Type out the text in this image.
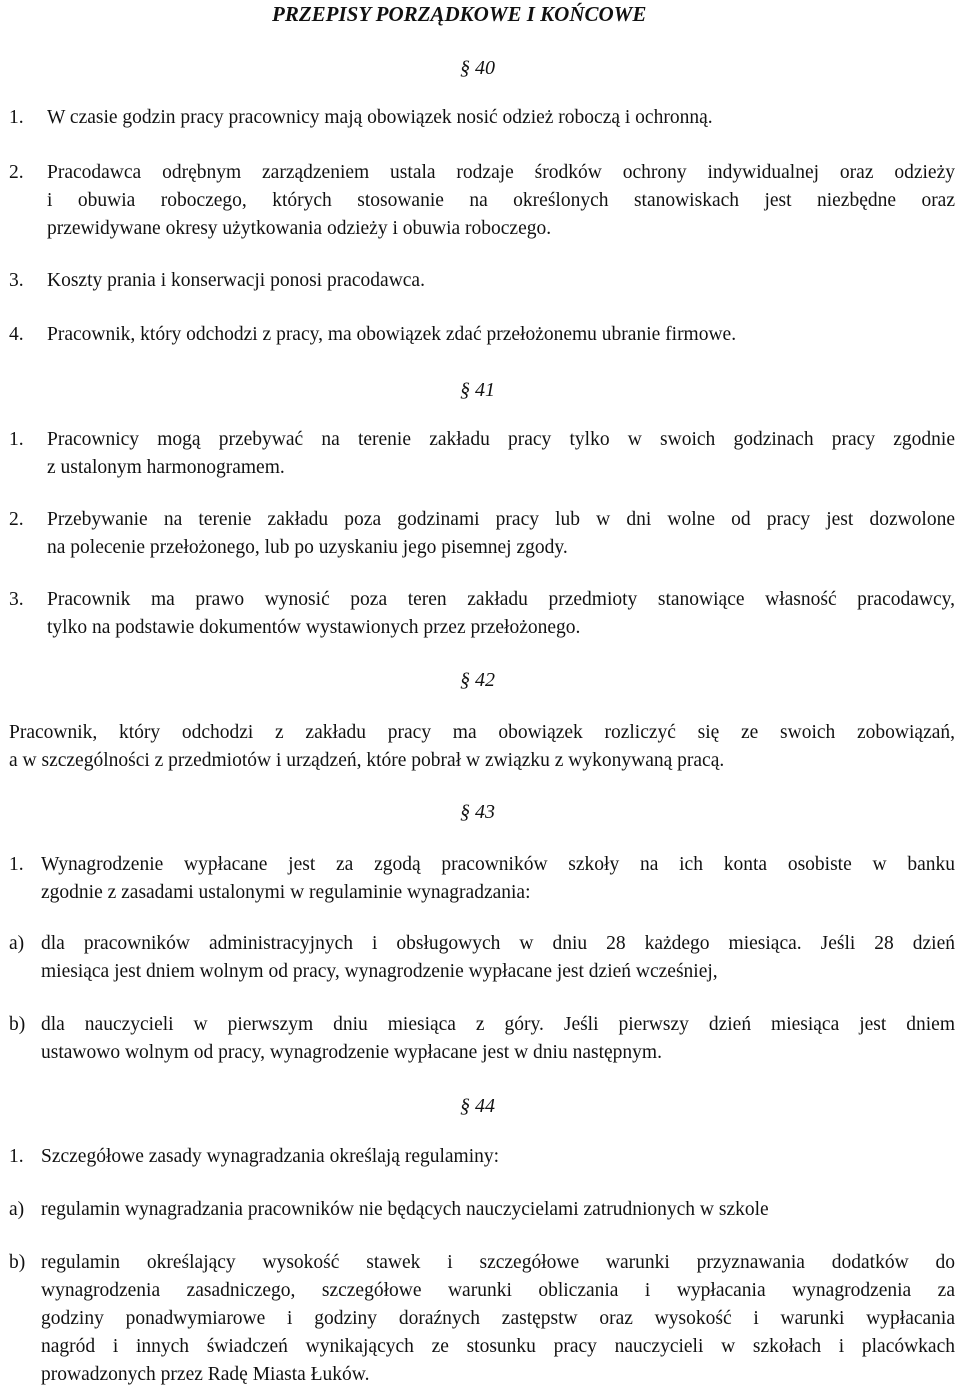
PRZEPISY PORZĄDKOWE I KOŃCOWE
§ 40
1. W czasie godzin pracy pracownicy mają obowiązek nosić odzież roboczą i ochronną.
2. Pracodawca odrębnym zarządzeniem ustala rodzaje środków ochrony indywidualnej oraz odzieży
i obuwia roboczego, których stosowanie na określonych stanowiskach jest niezbędne oraz
przewidywane okresy użytkowania odzieży i obuwia roboczego.
3. Koszty prania i konserwacji ponosi pracodawca.
4. Pracownik, który odchodzi z pracy, ma obowiązek zdać przełożonemu ubranie firmowe.
§ 41
1. Pracownicy mogą przebywać na terenie zakładu pracy tylko w swoich godzinach pracy zgodnie
z ustalonym harmonogramem.
2. Przebywanie na terenie zakładu poza godzinami pracy lub w dni wolne od pracy jest dozwolone
na polecenie przełożonego, lub po uzyskaniu jego pisemnej zgody.
3. Pracownik ma prawo wynosić poza teren zakładu przedmioty stanowiące własność pracodawcy,
tylko na podstawie dokumentów wystawionych przez przełożonego.
§ 42
Pracownik, który odchodzi z zakładu pracy ma obowiązek rozliczyć się ze swoich zobowiązań,
a w szczególności z przedmiotów i urządzeń, które pobrał w związku z wykonywaną pracą.
§ 43
1. Wynagrodzenie wypłacane jest za zgodą pracowników szkoły na ich konta osobiste w banku
zgodnie z zasadami ustalonymi w regulaminie wynagradzania:
a) dla pracowników administracyjnych i obsługowych w dniu 28 każdego miesiąca. Jeśli 28 dzień
miesiąca jest dniem wolnym od pracy, wynagrodzenie wypłacane jest dzień wcześniej,
b) dla nauczycieli w pierwszym dniu miesiąca z góry. Jeśli pierwszy dzień miesiąca jest dniem
ustawowo wolnym od pracy, wynagrodzenie wypłacane jest w dniu następnym.
§ 44
1. Szczegółowe zasady wynagradzania określają regulaminy:
a) regulamin wynagradzania pracowników nie będących nauczycielami zatrudnionych w szkole
b) regulamin określający wysokość stawek i szczegółowe warunki przyznawania dodatków do
wynagrodzenia zasadniczego, szczegółowe warunki obliczania i wypłacania wynagrodzenia za
godziny ponadwymiarowe i godziny doraźnych zastępstw oraz wysokość i warunki wypłacania
nagród i innych świadczeń wynikających ze stosunku pracy nauczycieli w szkołach i placówkach
prowadzonych przez Radę Miasta Łuków.
